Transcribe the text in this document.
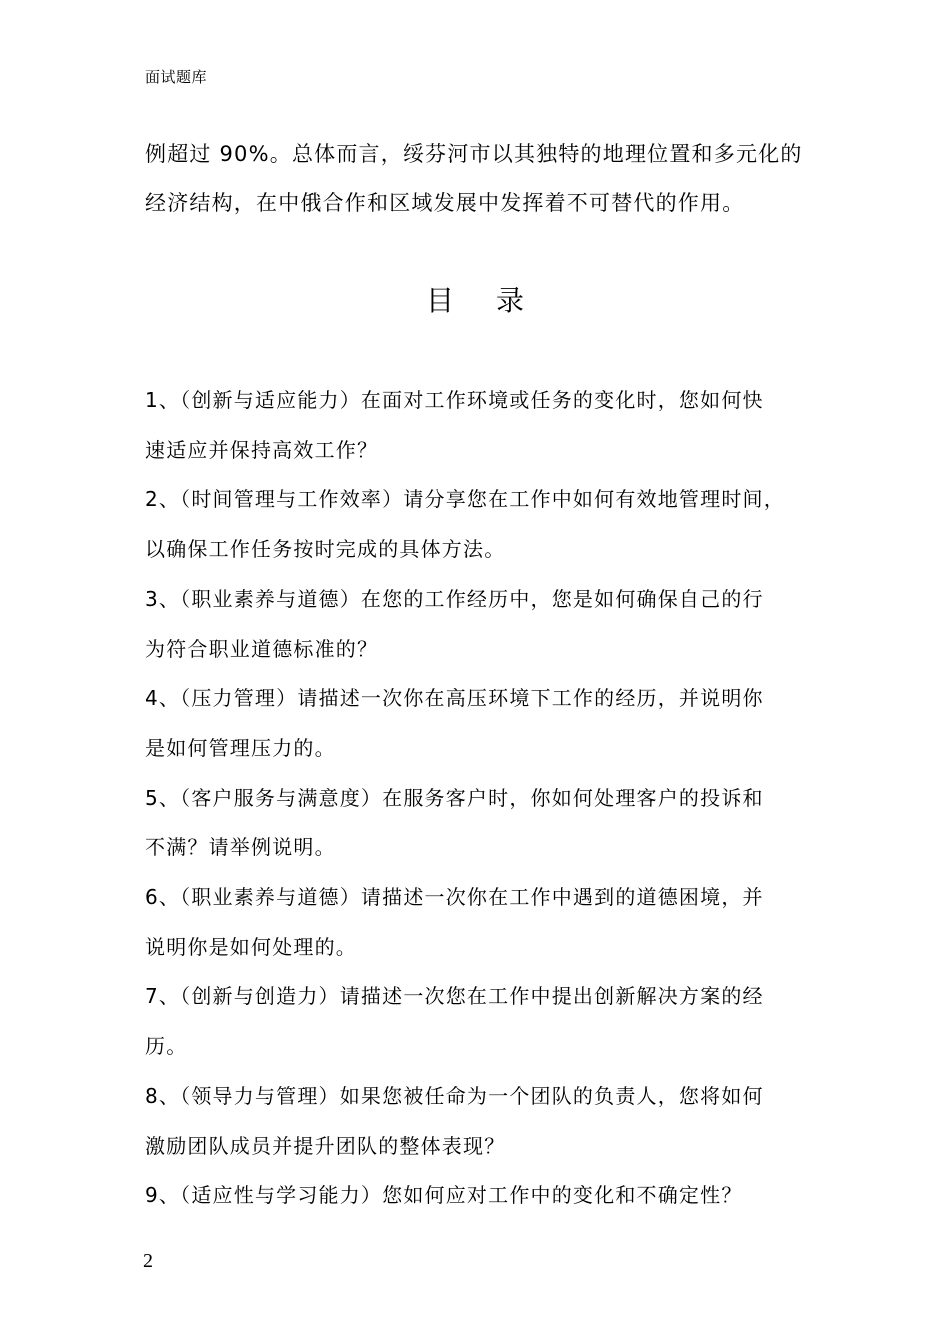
面试题库

例超过 90%。总体而言，绥芬河市以其独特的地理位置和多元化的

经济结构，在中俄合作和区域发展中发挥着不可替代的作用。

目录
1、（创新与适应能力）在面对工作环境或任务的变化时，您如何快
速适应并保持高效工作？
2、（时间管理与工作效率）请分享您在工作中如何有效地管理时间，
以确保工作任务按时完成的具体方法。
3、（职业素养与道德）在您的工作经历中，您是如何确保自己的行
为符合职业道德标准的？
4、（压力管理）请描述一次你在高压环境下工作的经历，并说明你
是如何管理压力的。
5、（客户服务与满意度）在服务客户时，你如何处理客户的投诉和
不满？请举例说明。
6、（职业素养与道德）请描述一次你在工作中遇到的道德困境，并
说明你是如何处理的。
7、（创新与创造力）请描述一次您在工作中提出创新解决方案的经
历。
8、（领导力与管理）如果您被任命为一个团队的负责人，您将如何
激励团队成员并提升团队的整体表现？
9、（适应性与学习能力）您如何应对工作中的变化和不确定性？
2
